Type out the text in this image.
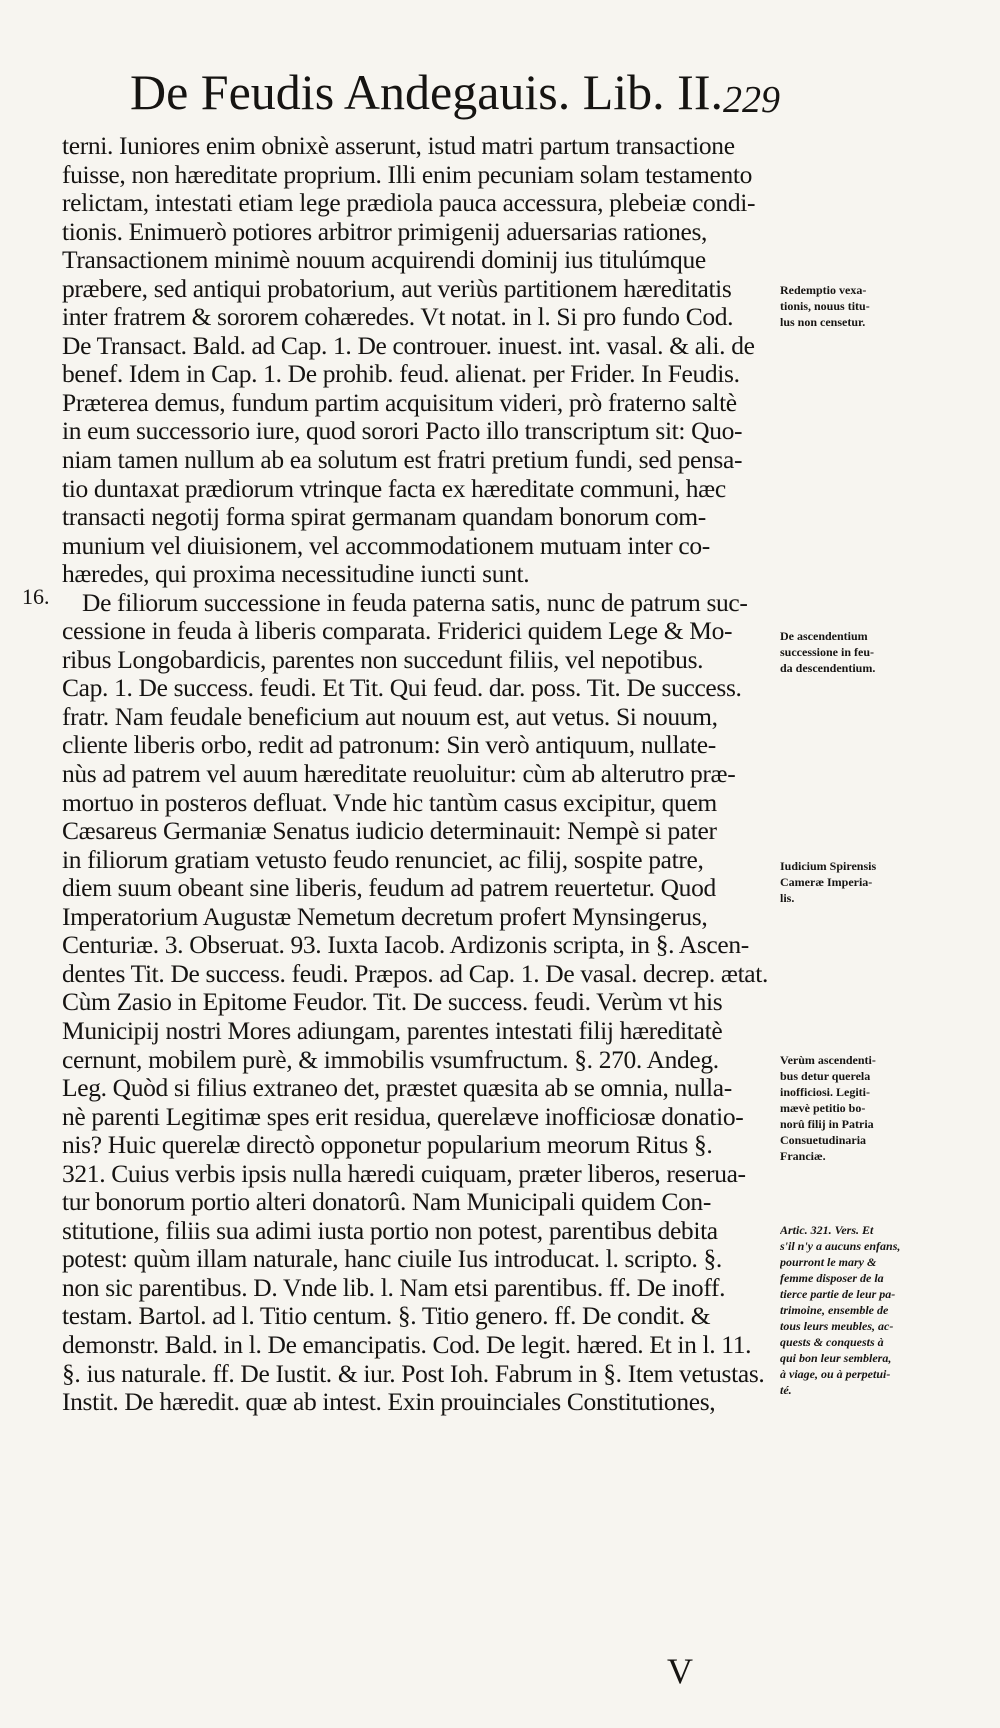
De Feudis Andegauis. Lib. II. 229
16.
terni. Iuniores enim obnixè asserunt, istud matri partum transactione
fuisse, non hæreditate proprium. Illi enim pecuniam solam testamento
relictam, intestati etiam lege prædiola pauca accessura, plebeiæ condi-
tionis. Enimuerò potiores arbitror primigenij aduersarias rationes,
Transactionem minimè nouum acquirendi dominij ius titulúmque
præbere, sed antiqui probatorium, aut veriùs partitionem hæreditatis
inter fratrem & sororem cohæredes. Vt notat. in l. Si pro fundo Cod.
De Transact. Bald. ad Cap. 1. De controuer. inuest. int. vasal. & ali. de
benef. Idem in Cap. 1. De prohib. feud. alienat. per Frider. In Feudis.
Præterea demus, fundum partim acquisitum videri, prò fraterno saltè
in eum successorio iure, quod sorori Pacto illo transcriptum sit: Quo-
niam tamen nullum ab ea solutum est fratri pretium fundi, sed pensa-
tio duntaxat prædiorum vtrinque facta ex hæreditate communi, hæc
transacti negotij forma spirat germanam quandam bonorum com-
munium vel diuisionem, vel accommodationem mutuam inter co-
hæredes, qui proxima necessitudine iuncti sunt.
De filiorum successione in feuda paterna satis, nunc de patrum suc-
cessione in feuda à liberis comparata. Friderici quidem Lege & Mo-
ribus Longobardicis, parentes non succedunt filiis, vel nepotibus.
Cap. 1. De success. feudi. Et Tit. Qui feud. dar. poss. Tit. De success.
fratr. Nam feudale beneficium aut nouum est, aut vetus. Si nouum,
cliente liberis orbo, redit ad patronum: Sin verò antiquum, nullate-
nùs ad patrem vel auum hæreditate reuoluitur: cùm ab alterutro præ-
mortuo in posteros defluat. Vnde hic tantùm casus excipitur, quem
Cæsareus Germaniæ Senatus iudicio determinauit: Nempè si pater
in filiorum gratiam vetusto feudo renunciet, ac filij, sospite patre,
diem suum obeant sine liberis, feudum ad patrem reuertetur. Quod
Imperatorium Augustæ Nemetum decretum profert Mynsingerus,
Centuriæ. 3. Obseruat. 93. Iuxta Iacob. Ardizonis scripta, in §. Ascen-
dentes Tit. De success. feudi. Præpos. ad Cap. 1. De vasal. decrep. ætat.
Cùm Zasio in Epitome Feudor. Tit. De success. feudi. Verùm vt his
Municipij nostri Mores adiungam, parentes intestati filij hæreditatè
cernunt, mobilem purè, & immobilis vsumfructum. §. 270. Andeg.
Leg. Quòd si filius extraneo det, præstet quæsita ab se omnia, nulla-
nè parenti Legitimæ spes erit residua, querelæve inofficiosæ donatio-
nis? Huic querelæ directò opponetur popularium meorum Ritus §.
321. Cuius verbis ipsis nulla hæredi cuiquam, præter liberos, reserua-
tur bonorum portio alteri donatorû. Nam Municipali quidem Con-
stitutione, filiis sua adimi iusta portio non potest, parentibus debita
potest: quùm illam naturale, hanc ciuile Ius introducat. l. scripto. §.
non sic parentibus. D. Vnde lib. l. Nam etsi parentibus. ff. De inoff.
testam. Bartol. ad l. Titio centum. §. Titio genero. ff. De condit. &
demonstr. Bald. in l. De emancipatis. Cod. De legit. hæred. Et in l. 11.
§. ius naturale. ff. De Iustit. & iur. Post Ioh. Fabrum in §. Item vetustas.
Instit. De hæredit. quæ ab intest. Exin prouinciales Constitutiones,
Redemptio vexa-
tionis, nouus titu-
lus non censetur.
De ascendentium
successione in feu-
da descendentium.
Iudicium Spirensis
Cameræ Imperia-
lis.
Verùm ascendenti-
bus detur querela
inofficiosi. Legiti-
mævè petitio bo-
norû filij in Patria
Consuetudinaria
Franciæ.
Artic. 321. Vers. Et
s'il n'y a aucuns enfans,
pourront le mary &
femme disposer de la
tierce partie de leur pa-
trimoine, ensemble de
tous leurs meubles, ac-
quests & conquests à
qui bon leur semblera,
à viage, ou à perpetui-
té.
V
